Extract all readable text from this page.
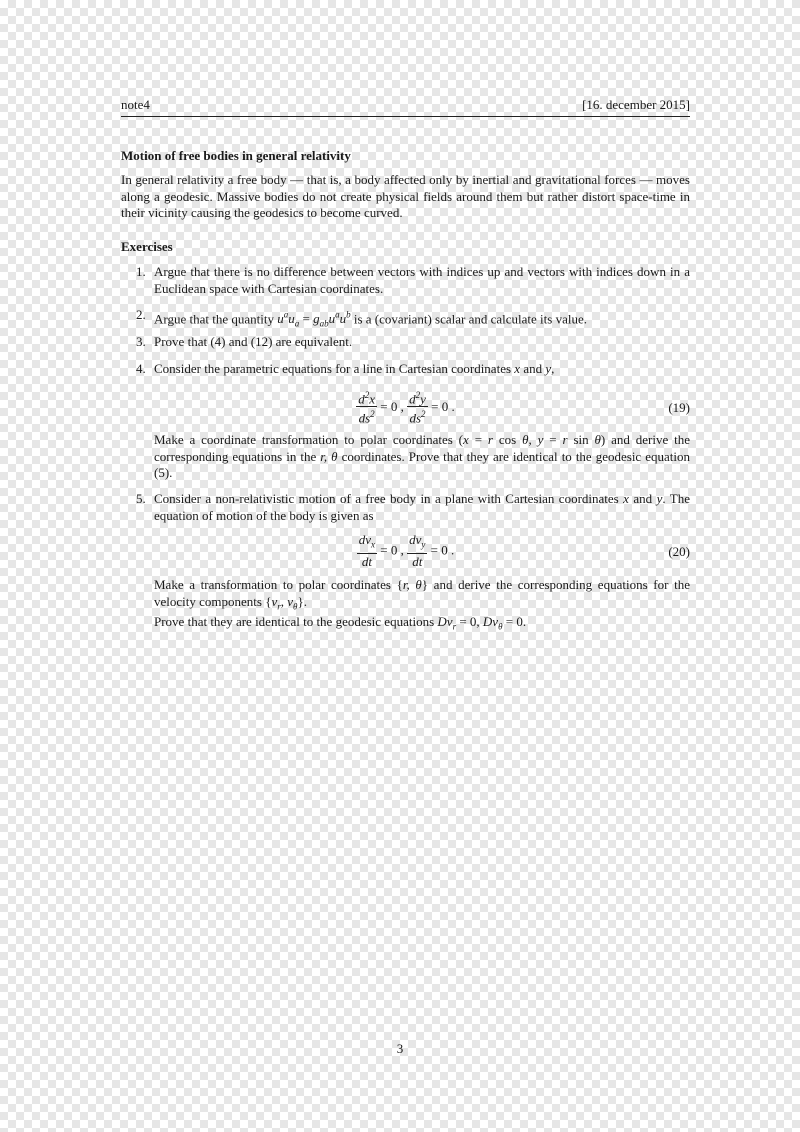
note4	[16. december 2015]
Motion of free bodies in general relativity
In general relativity a free body — that is, a body affected only by inertial and gravitational forces — moves along a geodesic. Massive bodies do not create physical fields around them but rather distort space-time in their vicinity causing the geodesics to become curved.
Exercises
1. Argue that there is no difference between vectors with indices up and vectors with indices down in a Euclidean space with Cartesian coordinates.
2. Argue that the quantity $u^au_a = g_{ab}u^au^b$ is a (covariant) scalar and calculate its value.
3. Prove that (4) and (12) are equivalent.
4. Consider the parametric equations for a line in Cartesian coordinates x and y,
$\frac{d^2x}{ds^2} = 0$ , $\frac{d^2y}{ds^2} = 0$ .	(19)
Make a coordinate transformation to polar coordinates (x = r cos θ, y = r sin θ) and derive the corresponding equations in the r, θ coordinates. Prove that they are identical to the geodesic equation (5).
5. Consider a non-relativistic motion of a free body in a plane with Cartesian coordinates x and y. The equation of motion of the body is given as
$\frac{dv_x}{dt} = 0$ , $\frac{dv_y}{dt} = 0$ .	(20)
Make a transformation to polar coordinates {r, θ} and derive the corresponding equations for the velocity components {$v_r$, $v_\theta$}.
Prove that they are identical to the geodesic equations $Dv_r = 0$, $Dv_\theta = 0$.
3
